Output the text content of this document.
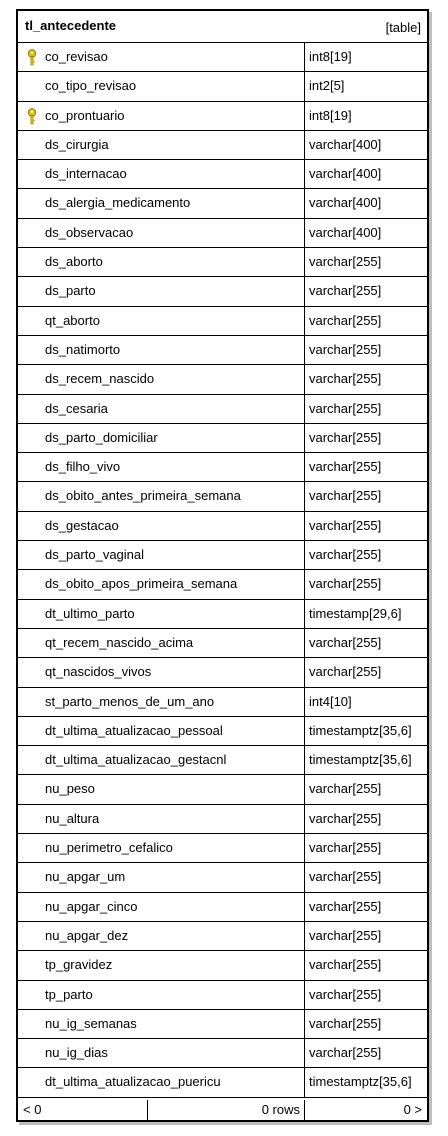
tl_antecedente	[table]
co_revisao	int8[19]
co_tipo_revisao	int2[5]
co_prontuario	int8[19]
ds_cirurgia	varchar[400]
ds_internacao	varchar[400]
ds_alergia_medicamento	varchar[400]
ds_observacao	varchar[400]
ds_aborto	varchar[255]
ds_parto	varchar[255]
qt_aborto	varchar[255]
ds_natimorto	varchar[255]
ds_recem_nascido	varchar[255]
ds_cesaria	varchar[255]
ds_parto_domiciliar	varchar[255]
ds_filho_vivo	varchar[255]
ds_obito_antes_primeira_semana	varchar[255]
ds_gestacao	varchar[255]
ds_parto_vaginal	varchar[255]
ds_obito_apos_primeira_semana	varchar[255]
dt_ultimo_parto	timestamp[29,6]
qt_recem_nascido_acima	varchar[255]
qt_nascidos_vivos	varchar[255]
st_parto_menos_de_um_ano	int4[10]
dt_ultima_atualizacao_pessoal	timestamptz[35,6]
dt_ultima_atualizacao_gestacnl	timestamptz[35,6]
nu_peso	varchar[255]
nu_altura	varchar[255]
nu_perimetro_cefalico	varchar[255]
nu_apgar_um	varchar[255]
nu_apgar_cinco	varchar[255]
nu_apgar_dez	varchar[255]
tp_gravidez	varchar[255]
tp_parto	varchar[255]
nu_ig_semanas	varchar[255]
nu_ig_dias	varchar[255]
dt_ultima_atualizacao_puericu	timestamptz[35,6]
< 0	0 rows	0 >
